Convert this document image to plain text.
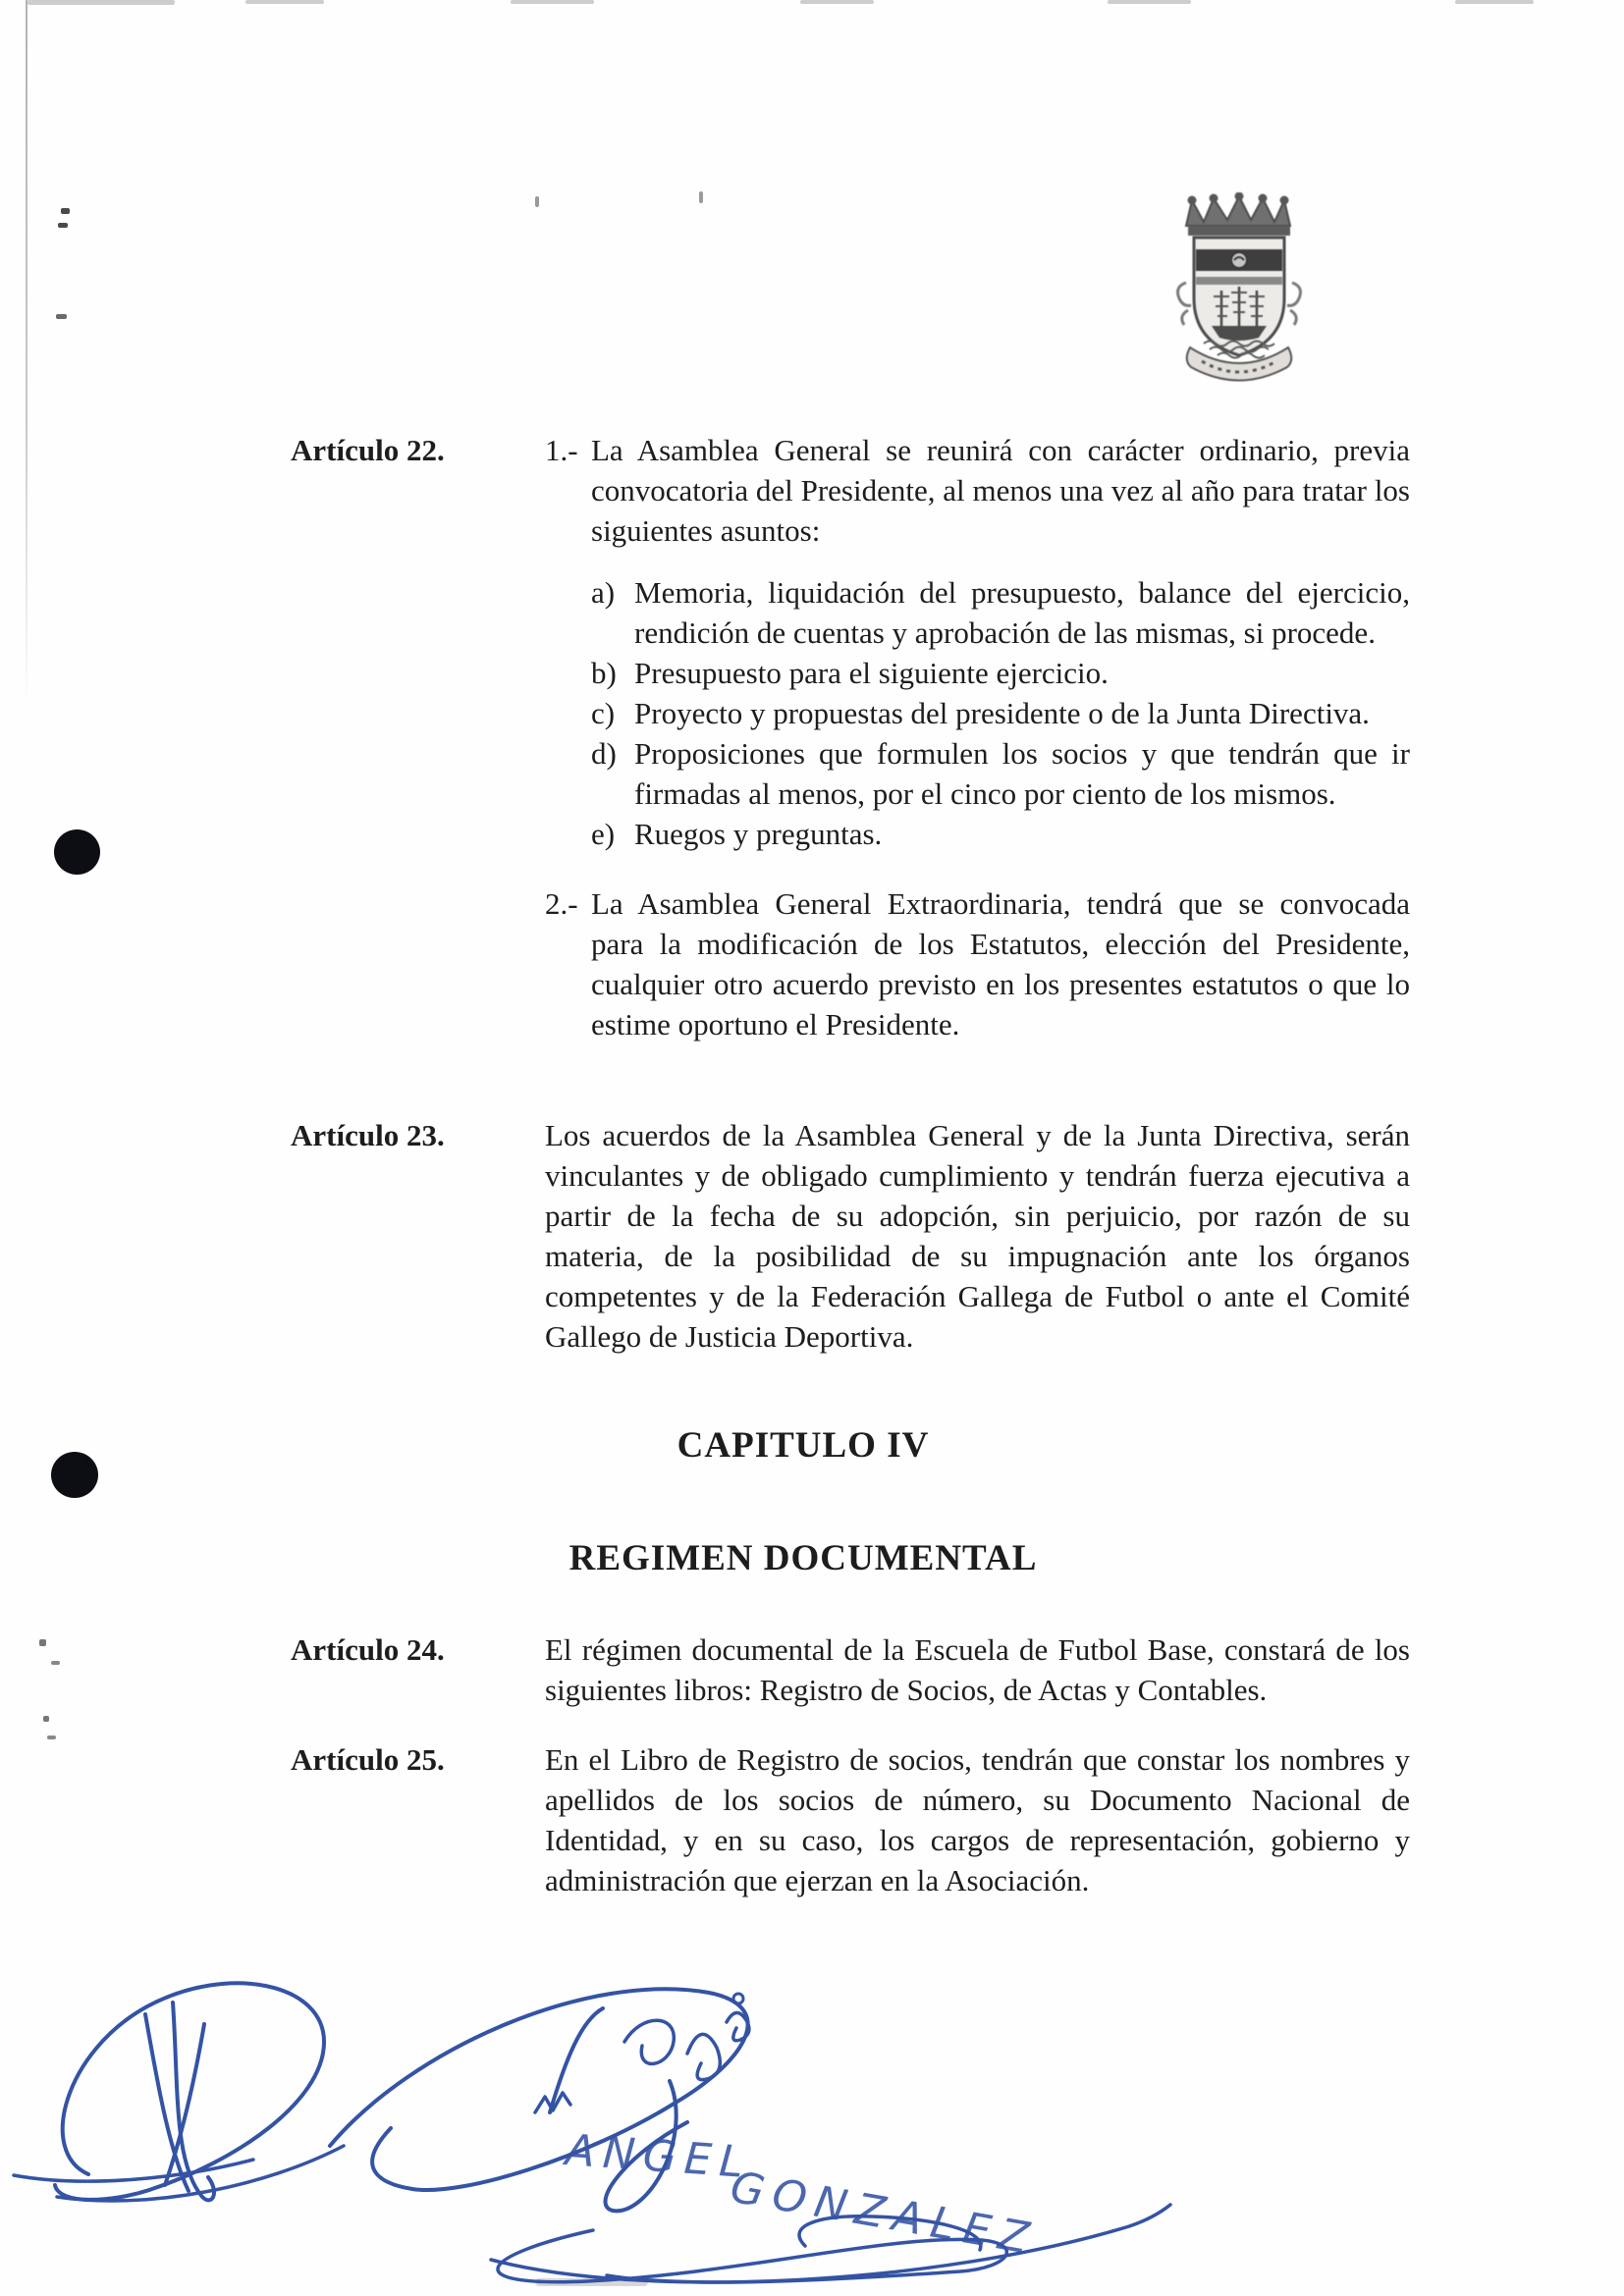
Artículo 22.	1.- La Asamblea General se reunirá con carácter ordinario, previa convocatoria del Presidente, al menos una vez al año para tratar los siguientes asuntos:
a) Memoria, liquidación del presupuesto, balance del ejercicio, rendición de cuentas y aprobación de las mismas, si procede.
b) Presupuesto para el siguiente ejercicio.
c) Proyecto y propuestas del presidente o de la Junta Directiva.
d) Proposiciones que formulen los socios y que tendrán que ir firmadas al menos, por el cinco por ciento de los mismos.
e) Ruegos y preguntas.
2.- La Asamblea General Extraordinaria, tendrá que se convocada para la modificación de los Estatutos, elección del Presidente, cualquier otro acuerdo previsto en los presentes estatutos o que lo estime oportuno el Presidente.
Artículo 23.	Los acuerdos de la Asamblea General y de la Junta Directiva, serán vinculantes y de obligado cumplimiento y tendrán fuerza ejecutiva a partir de la fecha de su adopción, sin perjuicio, por razón de su materia, de la posibilidad de su impugnación ante los órganos competentes y de la Federación Gallega de Futbol o ante el Comité Gallego de Justicia Deportiva.
CAPITULO IV
REGIMEN DOCUMENTAL
Artículo 24.	El régimen documental de la Escuela de Futbol Base, constará de los siguientes libros: Registro de Socios, de Actas y Contables.
Artículo 25.	En el Libro de Registro de socios, tendrán que constar los nombres y apellidos de los socios de número, su Documento Nacional de Identidad, y en su caso, los cargos de representación, gobierno y administración que ejerzan en la Asociación.
ANGEL
GONZALEZ
